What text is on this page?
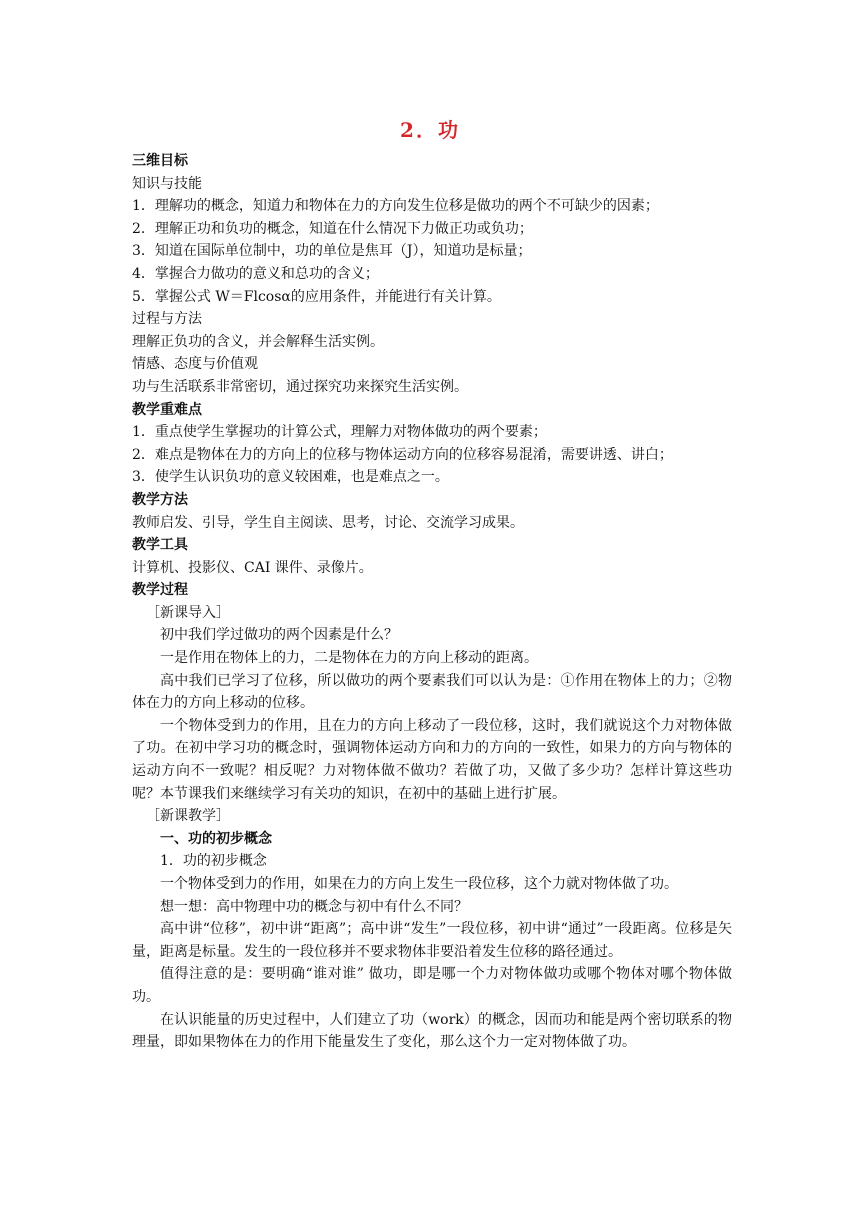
2．功

三维目标

知识与技能

1．理解功的概念，知道力和物体在力的方向发生位移是做功的两个不可缺少的因素；

2．理解正功和负功的概念，知道在什么情况下力做正功或负功；

3．知道在国际单位制中，功的单位是焦耳（J），知道功是标量；

4．掌握合力做功的意义和总功的含义；

5．掌握公式 W＝Flcosα的应用条件，并能进行有关计算。

过程与方法

理解正负功的含义，并会解释生活实例。

情感、态度与价值观

功与生活联系非常密切，通过探究功来探究生活实例。

教学重难点

1．重点使学生掌握功的计算公式，理解力对物体做功的两个要素；

2．难点是物体在力的方向上的位移与物体运动方向的位移容易混淆，需要讲透、讲白；

3．使学生认识负功的意义较困难，也是难点之一。

教学方法

教师启发、引导，学生自主阅读、思考，讨论、交流学习成果。

教学工具

计算机、投影仪、CAI 课件、录像片。

教学过程

［新课导入］

初中我们学过做功的两个因素是什么？

一是作用在物体上的力，二是物体在力的方向上移动的距离。

高中我们已学习了位移，所以做功的两个要素我们可以认为是：①作用在物体上的力；②物体在力的方向上移动的位移。

一个物体受到力的作用，且在力的方向上移动了一段位移，这时，我们就说这个力对物体做了功。在初中学习功的概念时，强调物体运动方向和力的方向的一致性，如果力的方向与物体的运动方向不一致呢？相反呢？力对物体做不做功？若做了功，又做了多少功？怎样计算这些功呢？本节课我们来继续学习有关功的知识，在初中的基础上进行扩展。

［新课教学］

一、功的初步概念

1．功的初步概念

一个物体受到力的作用，如果在力的方向上发生一段位移，这个力就对物体做了功。

想一想：高中物理中功的概念与初中有什么不同？

高中讲“位移”，初中讲“距离”；高中讲“发生”一段位移，初中讲“通过”一段距离。位移是矢量，距离是标量。发生的一段位移并不要求物体非要沿着发生位移的路径通过。

值得注意的是：要明确“谁对谁” 做功，即是哪一个力对物体做功或哪个物体对哪个物体做功。

在认识能量的历史过程中，人们建立了功（work）的概念，因而功和能是两个密切联系的物理量，即如果物体在力的作用下能量发生了变化，那么这个力一定对物体做了功。
